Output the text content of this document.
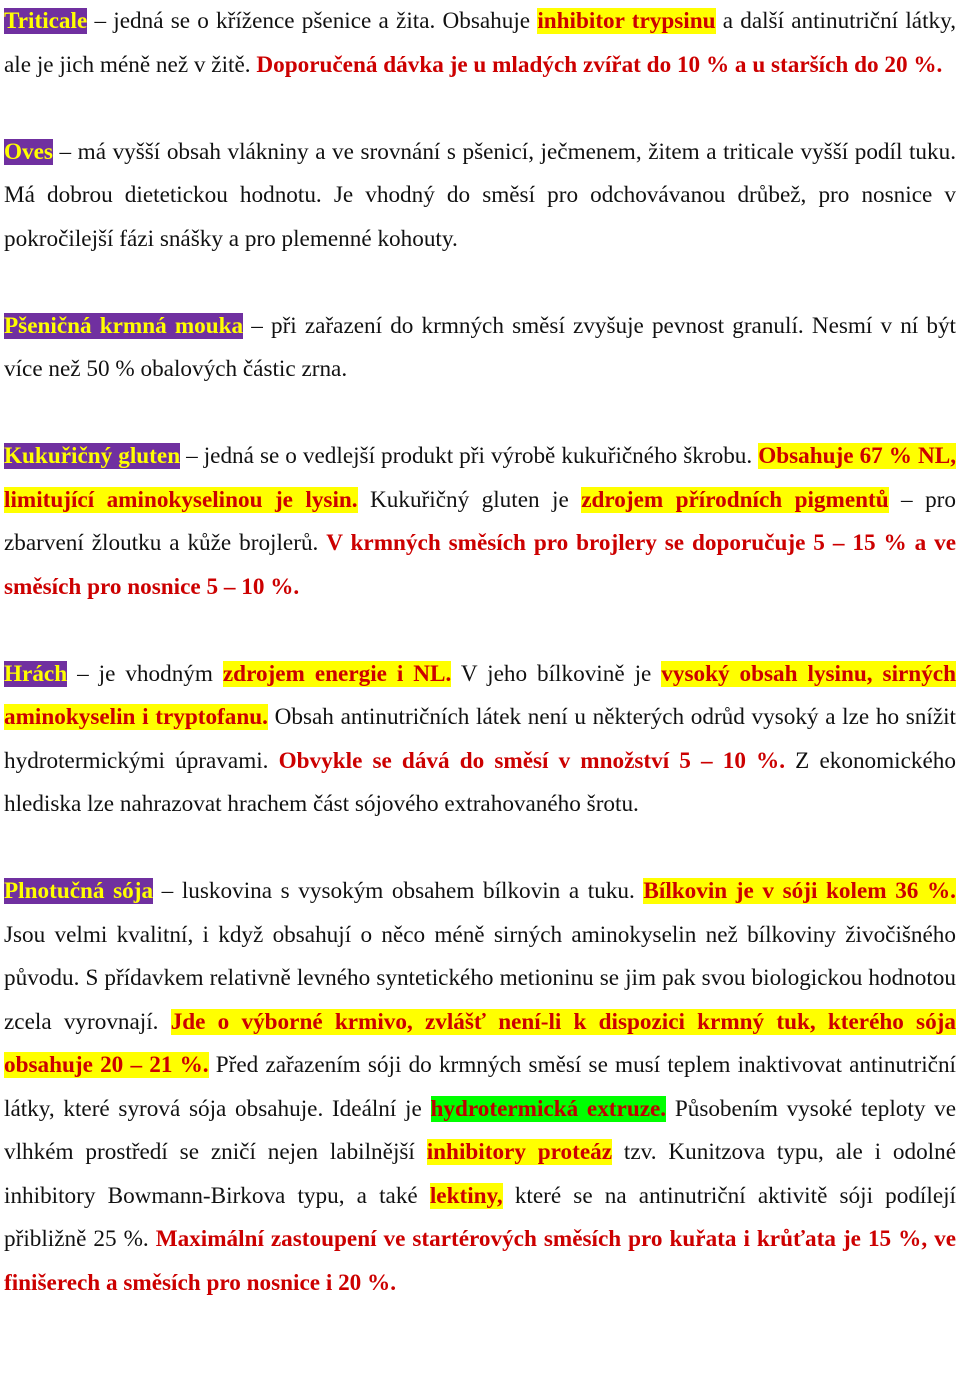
Triticale – jedná se o křížence pšenice a žita. Obsahuje inhibitor trypsinu a další antinutriční látky, ale je jich méně než v žitě. Doporučená dávka je u mladých zvířat do 10 % a u starších do 20 %.

Oves – má vyšší obsah vlákniny a ve srovnání s pšenicí, ječmenem, žitem a triticale vyšší podíl tuku. Má dobrou dietetickou hodnotu. Je vhodný do směsí pro odchovávanou drůbež, pro nosnice v pokročilejší fázi snášky a pro plemenné kohouty.

Pšeničná krmná mouka – při zařazení do krmných směsí zvyšuje pevnost granulí. Nesmí v ní být více než 50 % obalových částic zrna.

Kukuřičný gluten – jedná se o vedlejší produkt při výrobě kukuřičného škrobu. Obsahuje 67 % NL, limitující aminokyselinou je lysin. Kukuřičný gluten je zdrojem přírodních pigmentů – pro zbarvení žloutku a kůže brojlerů. V krmných směsích pro brojlery se doporučuje 5 – 15 % a ve směsích pro nosnice 5 – 10 %.

Hrách – je vhodným zdrojem energie i NL. V jeho bílkovině je vysoký obsah lysinu, sirných aminokyselin i tryptofanu. Obsah antinutričních látek není u některých odrůd vysoký a lze ho snížit hydrotermickými úpravami. Obvykle se dává do směsí v množství 5 – 10 %. Z ekonomického hlediska lze nahrazovat hrachem část sójového extrahovaného šrotu.

Plnotučná sója – luskovina s vysokým obsahem bílkovin a tuku. Bílkovin je v sóji kolem 36 %. Jsou velmi kvalitní, i když obsahují o něco méně sirných aminokyselin než bílkoviny živočišného původu. S přídavkem relativně levného syntetického metioninu se jim pak svou biologickou hodnotou zcela vyrovnají. Jde o výborné krmivo, zvlášť není-li k dispozici krmný tuk, kterého sója obsahuje 20 – 21 %. Před zařazením sóji do krmných směsí se musí teplem inaktivovat antinutriční látky, které syrová sója obsahuje. Ideální je hydrotermická extruze. Působením vysoké teploty ve vlhkém prostředí se zničí nejen labilnější inhibitory proteáz tzv. Kunitzova typu, ale i odolné inhibitory Bowmann-Birkova typu, a také lektiny, které se na antinutriční aktivitě sóji podílejí přibližně 25 %. Maximální zastoupení ve startérových směsích pro kuřata i krůťata je 15 %, ve finišerech a směsích pro nosnice i 20 %.
